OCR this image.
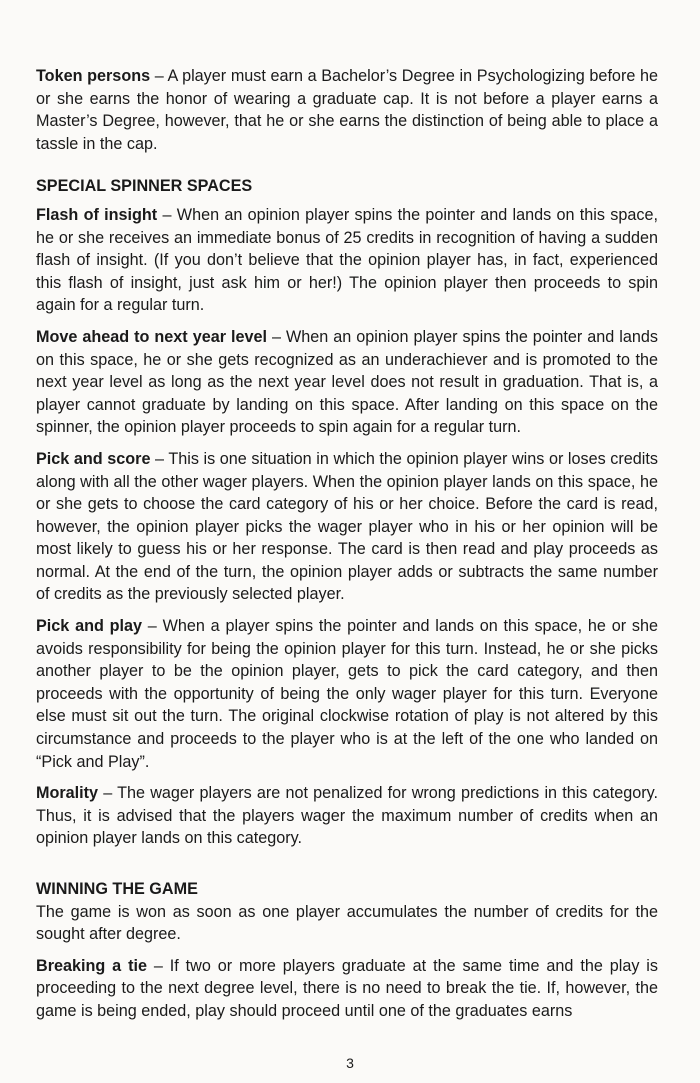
Token persons – A player must earn a Bachelor’s Degree in Psychologizing before he or she earns the honor of wearing a graduate cap. It is not before a player earns a Master’s Degree, however, that he or she earns the distinction of being able to place a tassle in the cap.

SPECIAL SPINNER SPACES

Flash of insight – When an opinion player spins the pointer and lands on this space, he or she receives an immediate bonus of 25 credits in recognition of having a sudden flash of insight. (If you don’t believe that the opinion player has, in fact, experienced this flash of insight, just ask him or her!) The opinion player then proceeds to spin again for a regular turn.

Move ahead to next year level – When an opinion player spins the pointer and lands on this space, he or she gets recognized as an underachiever and is promoted to the next year level as long as the next year level does not result in graduation. That is, a player cannot graduate by landing on this space. After landing on this space on the spinner, the opinion player proceeds to spin again for a regular turn.

Pick and score – This is one situation in which the opinion player wins or loses credits along with all the other wager players. When the opinion player lands on this space, he or she gets to choose the card category of his or her choice. Before the card is read, however, the opinion player picks the wager player who in his or her opinion will be most likely to guess his or her response. The card is then read and play proceeds as normal. At the end of the turn, the opinion player adds or subtracts the same number of credits as the previously selected player.

Pick and play – When a player spins the pointer and lands on this space, he or she avoids responsibility for being the opinion player for this turn. Instead, he or she picks another player to be the opinion player, gets to pick the card category, and then proceeds with the opportunity of being the only wager player for this turn. Everyone else must sit out the turn. The original clockwise rotation of play is not altered by this circumstance and proceeds to the player who is at the left of the one who landed on “Pick and Play”.

Morality – The wager players are not penalized for wrong predictions in this category. Thus, it is advised that the players wager the maximum number of credits when an opinion player lands on this category.

WINNING THE GAME

The game is won as soon as one player accumulates the number of credits for the sought after degree.

Breaking a tie – If two or more players graduate at the same time and the play is proceeding to the next degree level, there is no need to break the tie. If, however, the game is being ended, play should proceed until one of the graduates earns

3
